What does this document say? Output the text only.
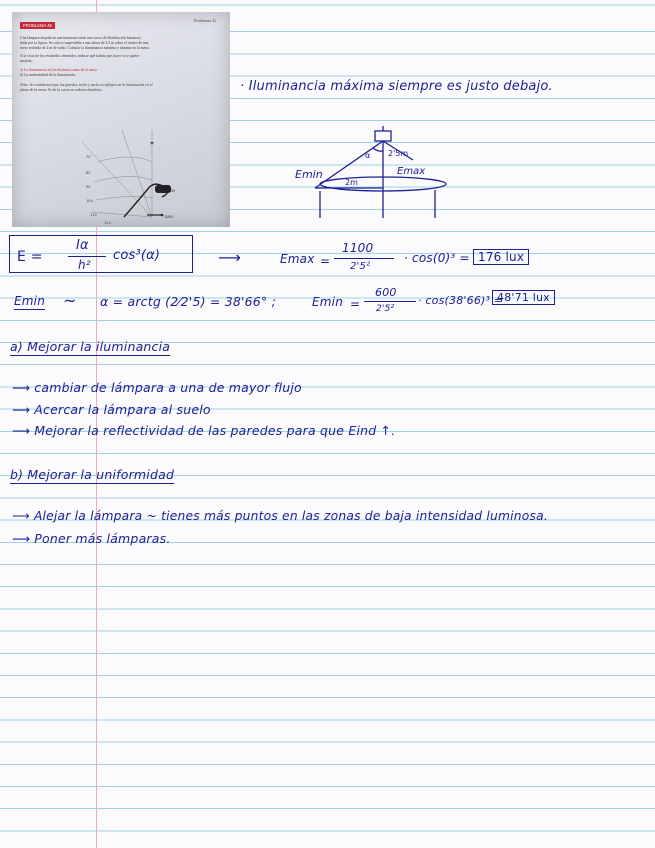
PROBLEMA 46
Problemas 41
Una lámpara alojada en una luminaria tiene una curva de distribución luminosa
dada por la figura. Se coloca suspendida a una altura de 2,5 m sobre el centro de una
mesa redonda de 2 m de radio. Calcular la iluminancia máxima y mínima en la mesa.
A la vista de los resultados obtenidos, indicar qué habría que hacer si se quiere
mejorar:
a) La iluminancia en las distintas zonas de la mesa.
b) La uniformidad de la iluminación.
Nota: Se considerará que las paredes, techo y suelo no influyen en la iluminación en el
plano de la mesa. Se da la curva en valores absolutos.
600
1100
70
80
90
100
110
120
· Iluminancia máxima siempre es justo debajo.
Emin	Emax
2'5m
2m
α
E =
Iα
h²
cos³(α)	⟶	Emax =
1100
2'5²
· cos(0)³ = 176 lux
Emin ~ α = arctg (2⁄2'5) = 38'66° ;	Emin =
600
2'5²
· cos(38'66)³ =
48'71 lux
a) Mejorar la iluminancia
⟶ cambiar de lámpara a una de mayor flujo
⟶ Acercar la lámpara al suelo
⟶ Mejorar la reflectividad de las paredes para que Eind ↑.
b) Mejorar la uniformidad
⟶ Alejar la lámpara ~ tienes más puntos en las zonas de baja intensidad luminosa.
⟶ Poner más lámparas.
